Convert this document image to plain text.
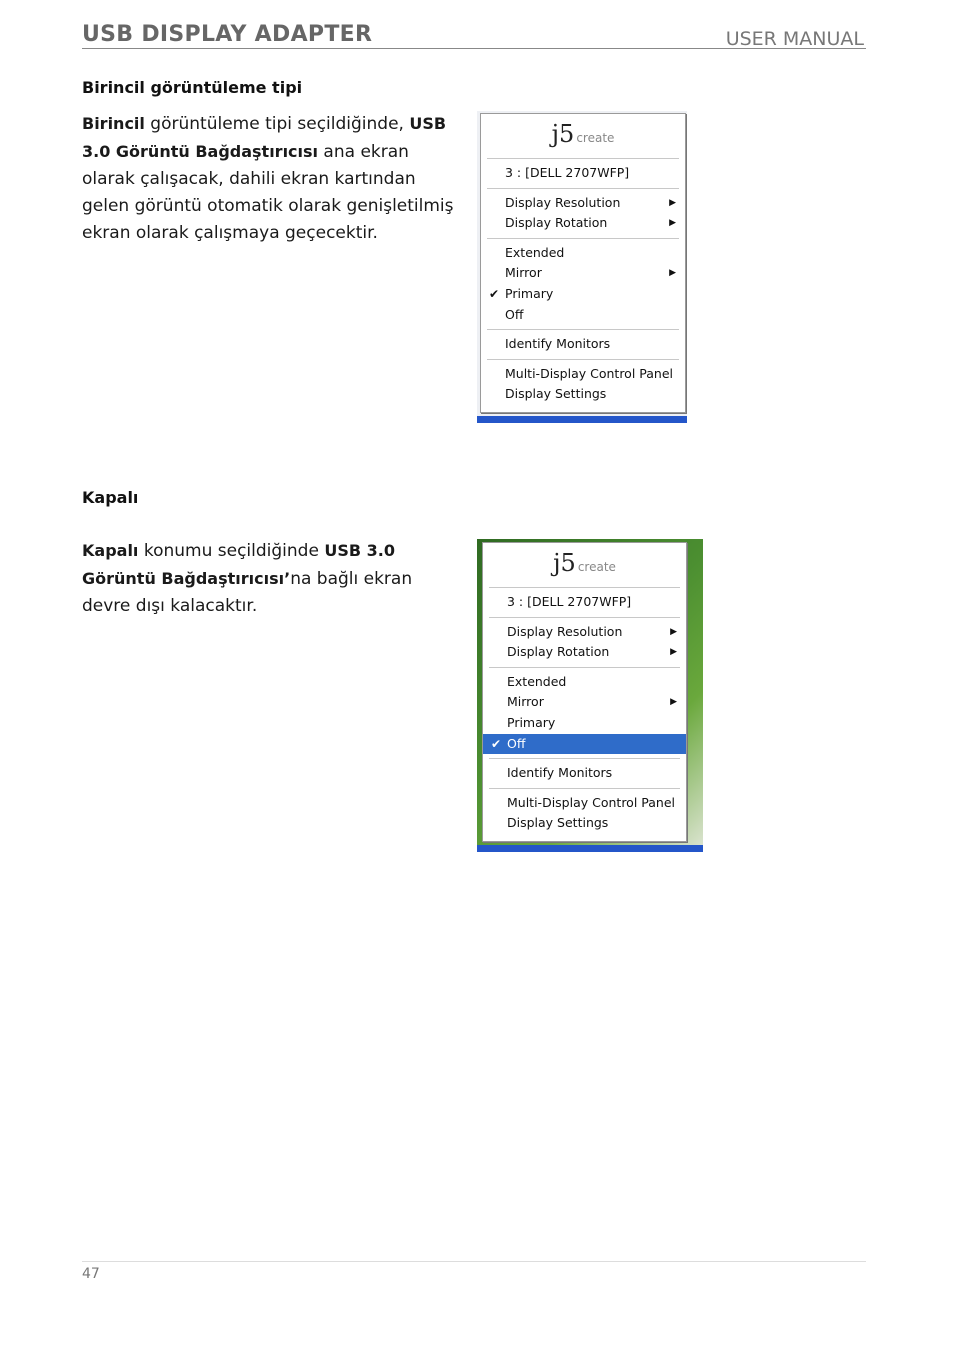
USB DISPLAY ADAPTER	USER MANUAL
Birincil görüntüleme tipi
Birincil görüntüleme tipi seçildiğinde, USB 3.0 Görüntü Bağdaştırıcısı ana ekran olarak çalışacak, dahili ekran kartından gelen görüntü otomatik olarak genişletilmiş ekran olarak çalışmaya geçecektir.
j5 create
3 : [DELL 2707WFP]
Display Resolution	▶
Display Rotation	▶
Extended
Mirror	▶
✔ Primary
Off
Identify Monitors
Multi-Display Control Panel
Display Settings
Kapalı
Kapalı konumu seçildiğinde USB 3.0 Görüntü Bağdaştırıcısı’na bağlı ekran devre dışı kalacaktır.
j5 create
3 : [DELL 2707WFP]
Display Resolution	▶
Display Rotation	▶
Extended
Mirror	▶
Primary
✔ Off
Identify Monitors
Multi-Display Control Panel
Display Settings
47
